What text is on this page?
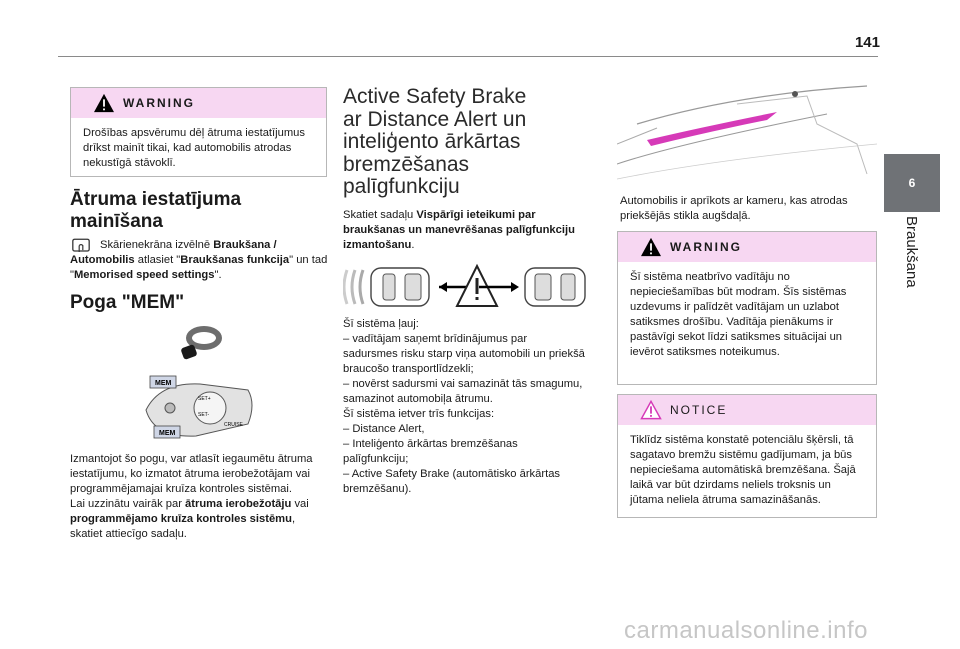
141
6
Braukšana
WARNING
Drošības apsvērumu dēļ ātruma iestatījumus drīkst mainīt tikai, kad automobilis atrodas nekustīgā stāvoklī.
Ātruma iestatījuma
mainīšana
Skārienekrāna izvēlnē Braukšana / Automobilis atlasiet "Braukšanas funkcija" un tad "Memorised speed settings".
Poga "MEM"
MEM
MEM
SET+
SET-
CRUISE
Izmantojot šo pogu, var atlasīt iegaumētu ātruma iestatījumu, ko izmatot ātruma ierobežotājam vai programmējamajai kruīza kontroles sistēmai.
Lai uzzinātu vairāk par ātruma ierobežotāju vai programmējamo kruīza kontroles sistēmu, skatiet attiecīgo sadaļu.
Active Safety Brake
ar Distance Alert un
inteliģento ārkārtas
bremzēšanas
palīgfunkciju
Skatiet sadaļu Vispārīgi ieteikumi par braukšanas un manevrēšanas palīgfunkciju izmantošanu.
Šī sistēma ļauj:
– vadītājam saņemt brīdinājumus par
sadursmes risku starp viņa automobili un priekšā
braucošo transportlīdzekli;
– novērst sadursmi vai samazināt tās smagumu,
samazinot automobiļa ātrumu.
Šī sistēma ietver trīs funkcijas:
– Distance Alert,
– Inteliģento ārkārtas bremzēšanas
palīgfunkciju;
– Active Safety Brake (automātisko ārkārtas
bremzēšanu).
Automobilis ir aprīkots ar kameru, kas atrodas priekšējās stikla augšdaļā.
WARNING
Šī sistēma neatbrīvo vadītāju no nepieciešamības būt modram. Šīs sistēmas uzdevums ir palīdzēt vadītājam un uzlabot satiksmes drošību. Vadītāja pienākums ir pastāvīgi sekot līdzi satiksmes situācijai un ievērot satiksmes noteikumus.
NOTICE
Tiklīdz sistēma konstatē potenciālu šķērsli, tā sagatavo bremžu sistēmu gadījumam, ja būs nepieciešama automātiskā bremzēšana. Šajā laikā var būt dzirdams neliels troksnis un jūtama neliela ātruma samazināšanās.
carmanualsonline.info
